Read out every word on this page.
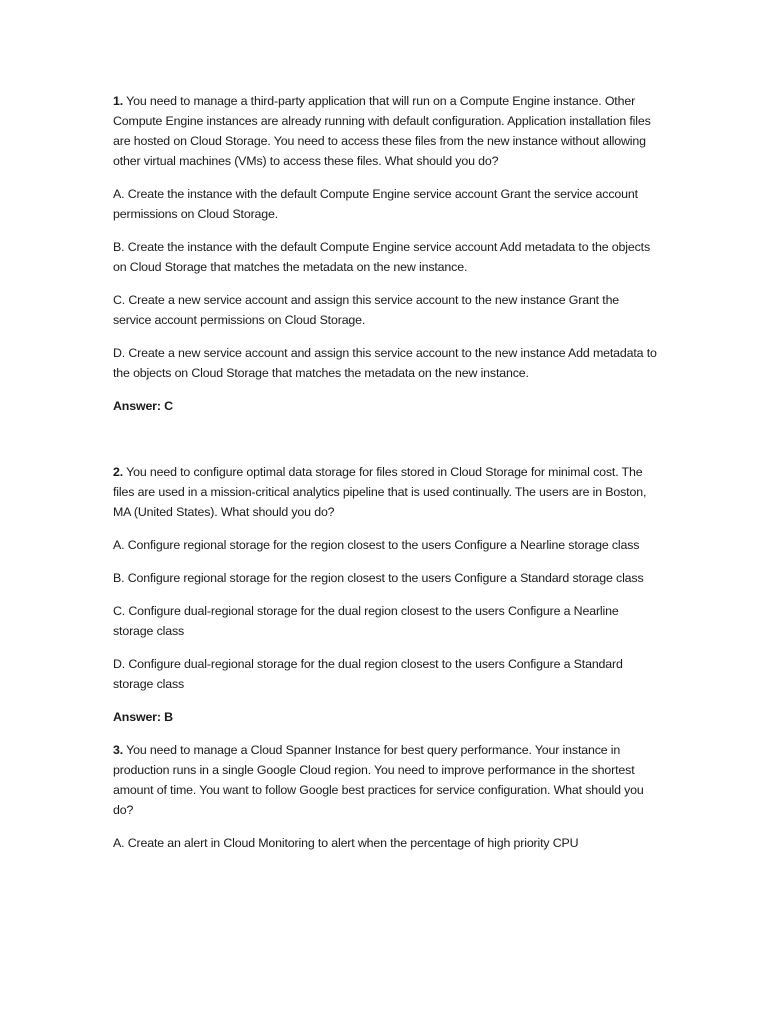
1. You need to manage a third-party application that will run on a Compute Engine instance. Other Compute Engine instances are already running with default configuration. Application installation files are hosted on Cloud Storage. You need to access these files from the new instance without allowing other virtual machines (VMs) to access these files. What should you do?

A. Create the instance with the default Compute Engine service account Grant the service account permissions on Cloud Storage.

B. Create the instance with the default Compute Engine service account Add metadata to the objects on Cloud Storage that matches the metadata on the new instance.

C. Create a new service account and assign this service account to the new instance Grant the service account permissions on Cloud Storage.

D. Create a new service account and assign this service account to the new instance Add metadata to the objects on Cloud Storage that matches the metadata on the new instance.

Answer: C

2. You need to configure optimal data storage for files stored in Cloud Storage for minimal cost. The files are used in a mission-critical analytics pipeline that is used continually. The users are in Boston, MA (United States). What should you do?

A. Configure regional storage for the region closest to the users Configure a Nearline storage class

B. Configure regional storage for the region closest to the users Configure a Standard storage class

C. Configure dual-regional storage for the dual region closest to the users Configure a Nearline storage class

D. Configure dual-regional storage for the dual region closest to the users Configure a Standard storage class

Answer: B

3. You need to manage a Cloud Spanner Instance for best query performance. Your instance in production runs in a single Google Cloud region. You need to improve performance in the shortest amount of time. You want to follow Google best practices for service configuration. What should you do?

A. Create an alert in Cloud Monitoring to alert when the percentage of high priority CPU
